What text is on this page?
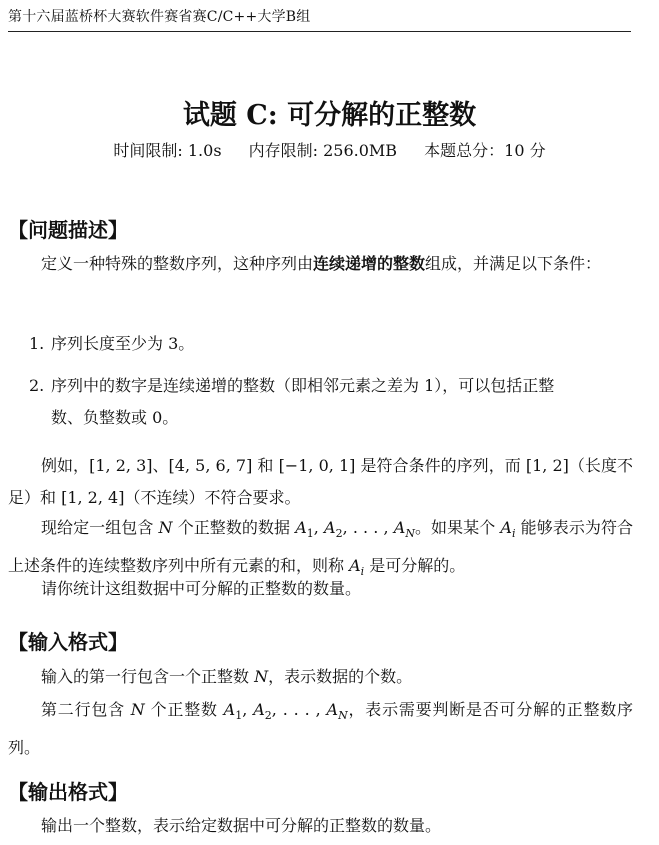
第十六届蓝桥杯大赛软件赛省赛C/C++大学B组
试题 C: 可分解的正整数
时间限制: 1.0s 内存限制: 256.0MB 本题总分：10 分
【问题描述】
定义一种特殊的整数序列，这种序列由连续递增的整数组成，并满足以下条件：
1. 序列长度至少为 3。
2. 序列中的数字是连续递增的整数（即相邻元素之差为 1），可以包括正整
数、负整数或 0。
例如，[1, 2, 3]、[4, 5, 6, 7] 和 [−1, 0, 1] 是符合条件的序列，而 [1, 2]（长度不足）和 [1, 2, 4]（不连续）不符合要求。
现给定一组包含 N 个正整数的数据 $A_1$, $A_2$, . . . , $A_N$。如果某个 $A_i$ 能够表示为符合上述条件的连续整数序列中所有元素的和，则称 $A_i$ 是可分解的。
请你统计这组数据中可分解的正整数的数量。
【输入格式】
输入的第一行包含一个正整数 N，表示数据的个数。
第二行包含 N 个正整数 $A_1$, $A_2$, . . . , $A_N$，表示需要判断是否可分解的正整数序列。
【输出格式】
输出一个整数，表示给定数据中可分解的正整数的数量。
